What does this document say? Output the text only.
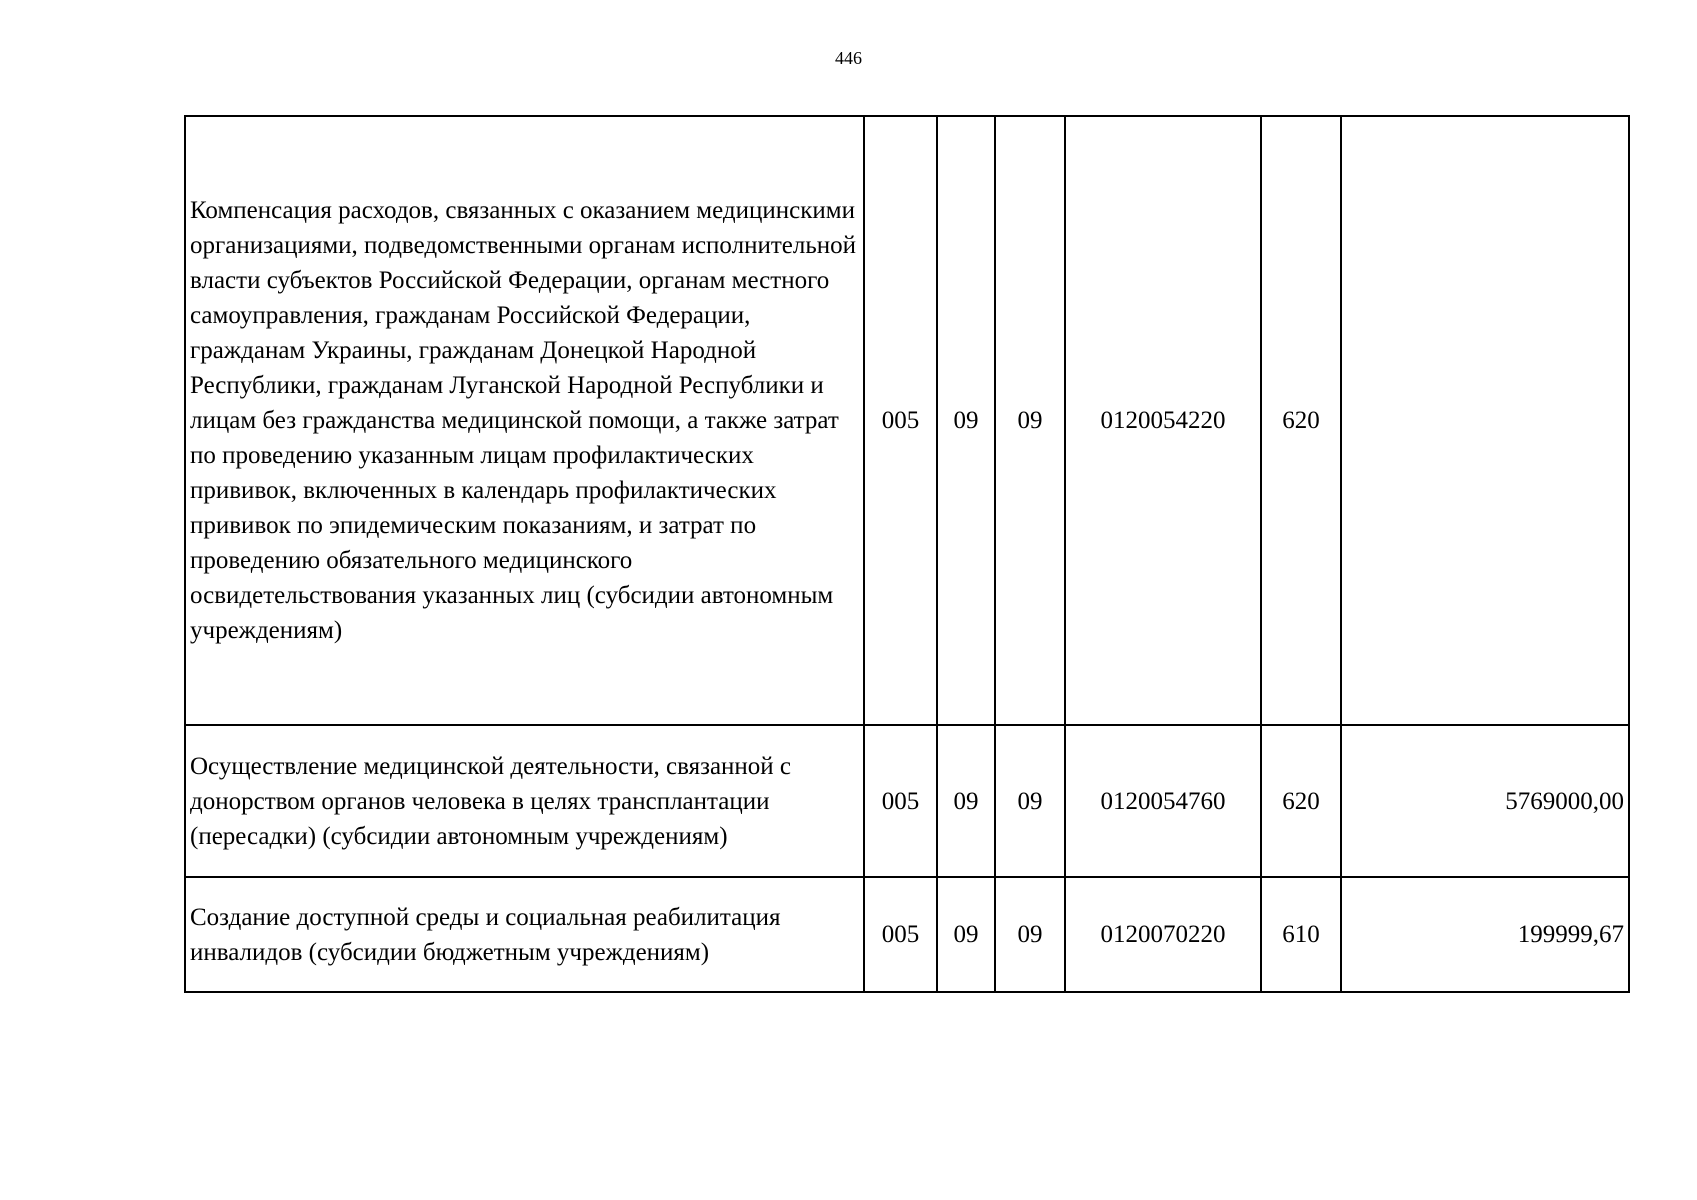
446
Компенсация расходов, связанных с оказанием медицинскими организациями, подведомственными органам исполнительной власти субъектов Российской Федерации, органам местного самоуправления, гражданам Российской Федерации, гражданам Украины, гражданам Донецкой Народной Республики, гражданам Луганской Народной Республики и лицам без гражданства медицинской помощи, а также затрат по проведению указанным лицам профилактических прививок, включенных в календарь профилактических прививок по эпидемическим показаниям, и затрат по проведению обязательного медицинского освидетельствования указанных лиц (субсидии автономным учреждениям)	005	09	09	0120054220	620	
Осуществление медицинской деятельности, связанной с донорством органов человека в целях трансплантации (пересадки) (субсидии автономным учреждениям)	005	09	09	0120054760	620	5769000,00
Создание доступной среды и социальная реабилитация инвалидов (субсидии бюджетным учреждениям)	005	09	09	0120070220	610	199999,67
